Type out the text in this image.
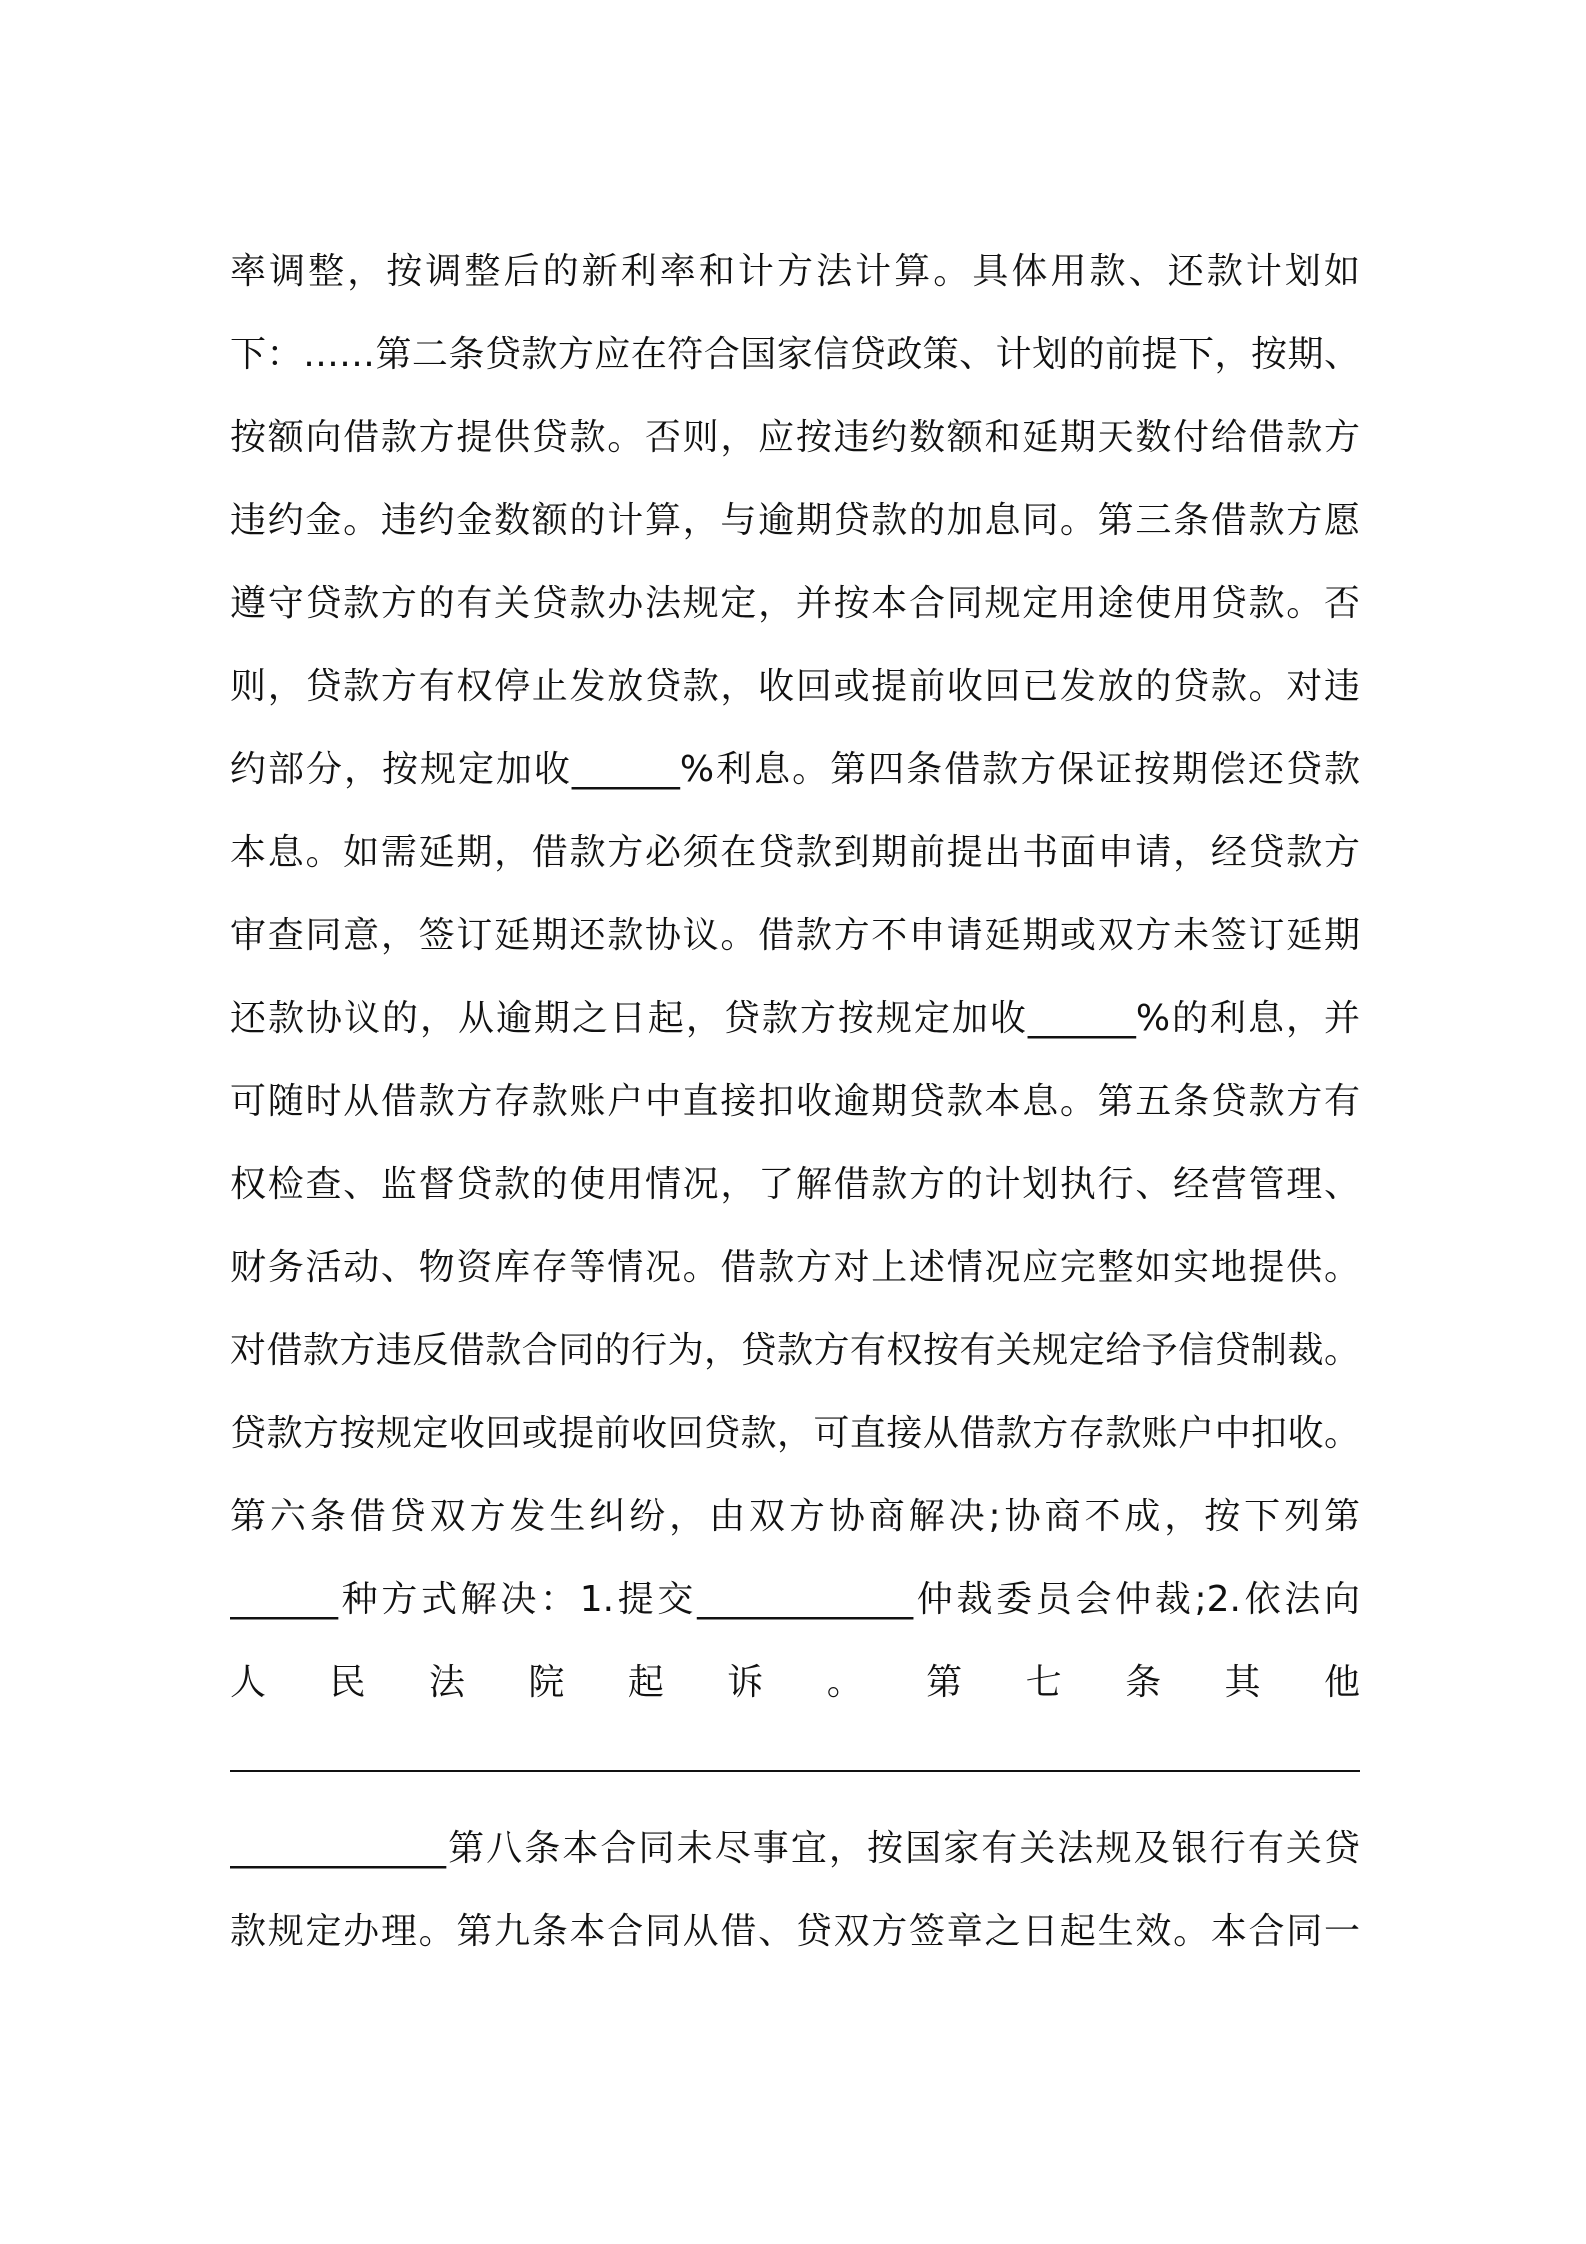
率调整，按调整后的新利率和计方法计算。具体用款、还款计划如
下：……第二条贷款方应在符合国家信贷政策、计划的前提下，按期、
按额向借款方提供贷款。否则，应按违约数额和延期天数付给借款方
违约金。违约金数额的计算，与逾期贷款的加息同。第三条借款方愿
遵守贷款方的有关贷款办法规定，并按本合同规定用途使用贷款。否
则，贷款方有权停止发放贷款，收回或提前收回已发放的贷款。对违
约部分，按规定加收______%利息。第四条借款方保证按期偿还贷款
本息。如需延期，借款方必须在贷款到期前提出书面申请，经贷款方
审查同意，签订延期还款协议。借款方不申请延期或双方未签订延期
还款协议的，从逾期之日起，贷款方按规定加收______%的利息，并
可随时从借款方存款账户中直接扣收逾期贷款本息。第五条贷款方有
权检查、监督贷款的使用情况，了解借款方的计划执行、经营管理、
财务活动、物资库存等情况。借款方对上述情况应完整如实地提供。
对借款方违反借款合同的行为，贷款方有权按有关规定给予信贷制裁。
贷款方按规定收回或提前收回贷款，可直接从借款方存款账户中扣收。
第六条借贷双方发生纠纷，由双方协商解决;协商不成，按下列第
______种方式解决：1.提交____________仲裁委员会仲裁;2.依法向
人 民 法 院 起 诉 。 第 七 条 其 他
____________第八条本合同未尽事宜，按国家有关法规及银行有关贷
款规定办理。第九条本合同从借、贷双方签章之日起生效。本合同一
